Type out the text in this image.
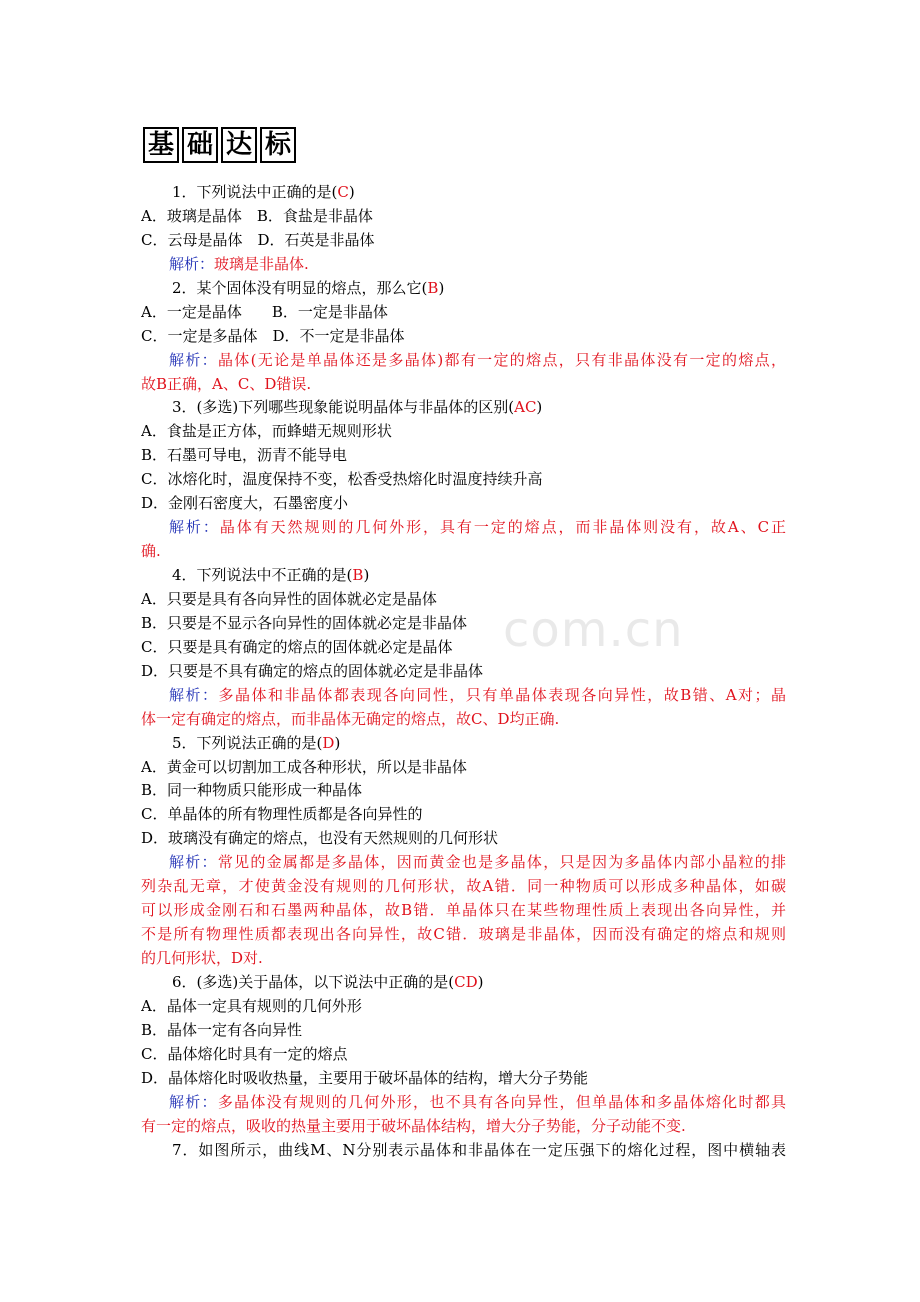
基 础 达 标
1．下列说法中正确的是(C)
A．玻璃是晶体　B．食盐是非晶体
C．云母是晶体　D．石英是非晶体
解析：玻璃是非晶体.
2．某个固体没有明显的熔点，那么它(B)
A．一定是晶体　　B．一定是非晶体
C．一定是多晶体　D．不一定是非晶体
解析：晶体(无论是单晶体还是多晶体)都有一定的熔点，只有非晶体没有一定的熔点，
故B正确，A、C、D错误.
3．(多选)下列哪些现象能说明晶体与非晶体的区别(AC)
A．食盐是正方体，而蜂蜡无规则形状
B．石墨可导电，沥青不能导电
C．冰熔化时，温度保持不变，松香受热熔化时温度持续升高
D．金刚石密度大，石墨密度小
解析：晶体有天然规则的几何外形，具有一定的熔点，而非晶体则没有，故A、C正
确.
4．下列说法中不正确的是(B)
A．只要是具有各向异性的固体就必定是晶体
B．只要是不显示各向异性的固体就必定是非晶体
C．只要是具有确定的熔点的固体就必定是晶体
D．只要是不具有确定的熔点的固体就必定是非晶体
解析：多晶体和非晶体都表现各向同性，只有单晶体表现各向异性，故B错、A对；晶
体一定有确定的熔点，而非晶体无确定的熔点，故C、D均正确.
5．下列说法正确的是(D)
A．黄金可以切割加工成各种形状，所以是非晶体
B．同一种物质只能形成一种晶体
C．单晶体的所有物理性质都是各向异性的
D．玻璃没有确定的熔点，也没有天然规则的几何形状
解析：常见的金属都是多晶体，因而黄金也是多晶体，只是因为多晶体内部小晶粒的排
列杂乱无章，才使黄金没有规则的几何形状，故A错．同一种物质可以形成多种晶体，如碳
可以形成金刚石和石墨两种晶体，故B错．单晶体只在某些物理性质上表现出各向异性，并
不是所有物理性质都表现出各向异性，故C错．玻璃是非晶体，因而没有确定的熔点和规则
的几何形状，D对.
6．(多选)关于晶体，以下说法中正确的是(CD)
A．晶体一定具有规则的几何外形
B．晶体一定有各向异性
C．晶体熔化时具有一定的熔点
D．晶体熔化时吸收热量，主要用于破坏晶体的结构，增大分子势能
解析：多晶体没有规则的几何外形，也不具有各向异性，但单晶体和多晶体熔化时都具
有一定的熔点，吸收的热量主要用于破坏晶体结构，增大分子势能，分子动能不变.
7．如图所示，曲线M、N分别表示晶体和非晶体在一定压强下的熔化过程，图中横轴表
com.cn
